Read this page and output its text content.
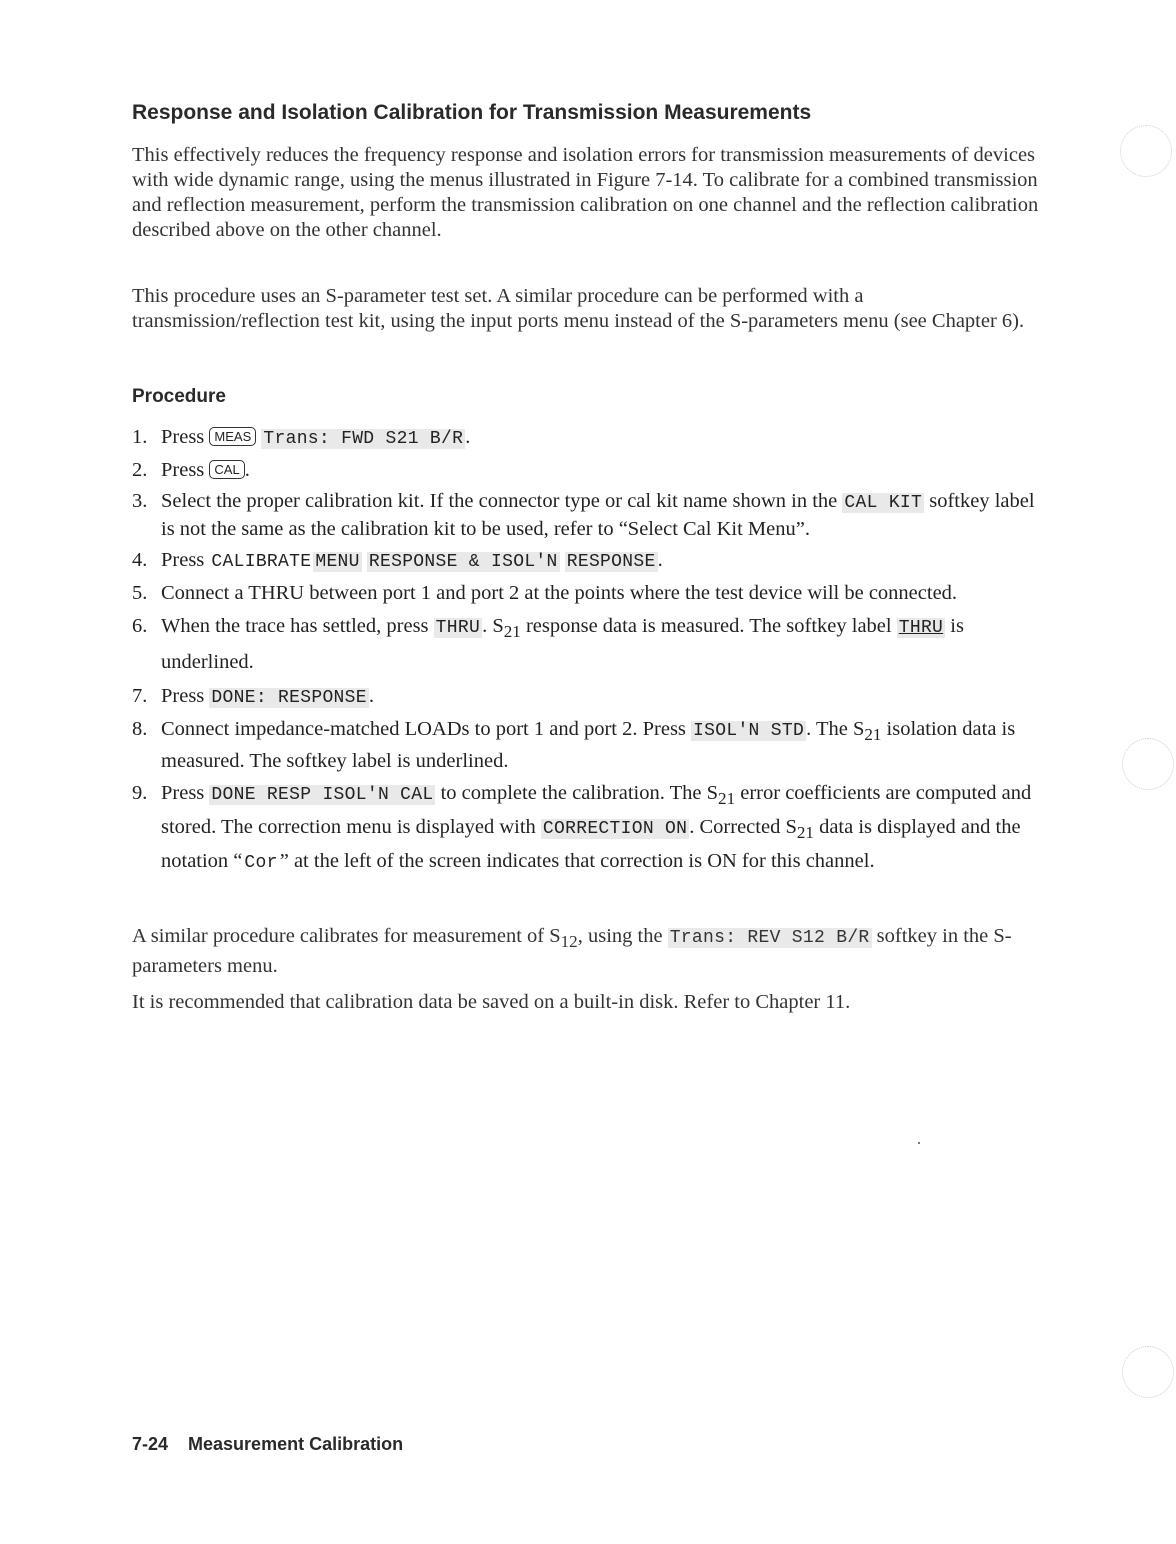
Response and Isolation Calibration for Transmission Measurements

This effectively reduces the frequency response and isolation errors for transmission measurements of devices with wide dynamic range, using the menus illustrated in Figure 7-14. To calibrate for a combined transmission and reflection measurement, perform the transmission calibration on one channel and the reflection calibration described above on the other channel.

This procedure uses an S-parameter test set. A similar procedure can be performed with a transmission/reflection test kit, using the input ports menu instead of the S-parameters menu (see Chapter 6).

Procedure
1. Press MEAS Trans: FWD S21 B/R.
2. Press CAL .
3. Select the proper calibration kit. If the connector type or cal kit name shown in the CAL KIT softkey label is not the same as the calibration kit to be used, refer to “Select Cal Kit Menu”.
4. Press CALIBRATE MENU RESPONSE & ISOL'N RESPONSE.
5. Connect a THRU between port 1 and port 2 at the points where the test device will be connected.
6. When the trace has settled, press THRU. $S_{21}$ response data is measured. The softkey label THRU is underlined.
7. Press DONE: RESPONSE.
8. Connect impedance-matched LOADs to port 1 and port 2. Press ISOL'N STD. The $S_{21}$ isolation data is measured. The softkey label is underlined.
9. Press DONE RESP ISOL'N CAL to complete the calibration. The $S_{21}$ error coefficients are computed and stored. The correction menu is displayed with CORRECTION ON. Corrected $S_{21}$ data is displayed and the notation “ Cor” at the left of the screen indicates that correction is ON for this channel.

A similar procedure calibrates for measurement of $S_{12}$, using the Trans: REV S12 B/R softkey in the S-parameters menu.

It is recommended that calibration data be saved on a built-in disk. Refer to Chapter 11.

7-24 Measurement Calibration
